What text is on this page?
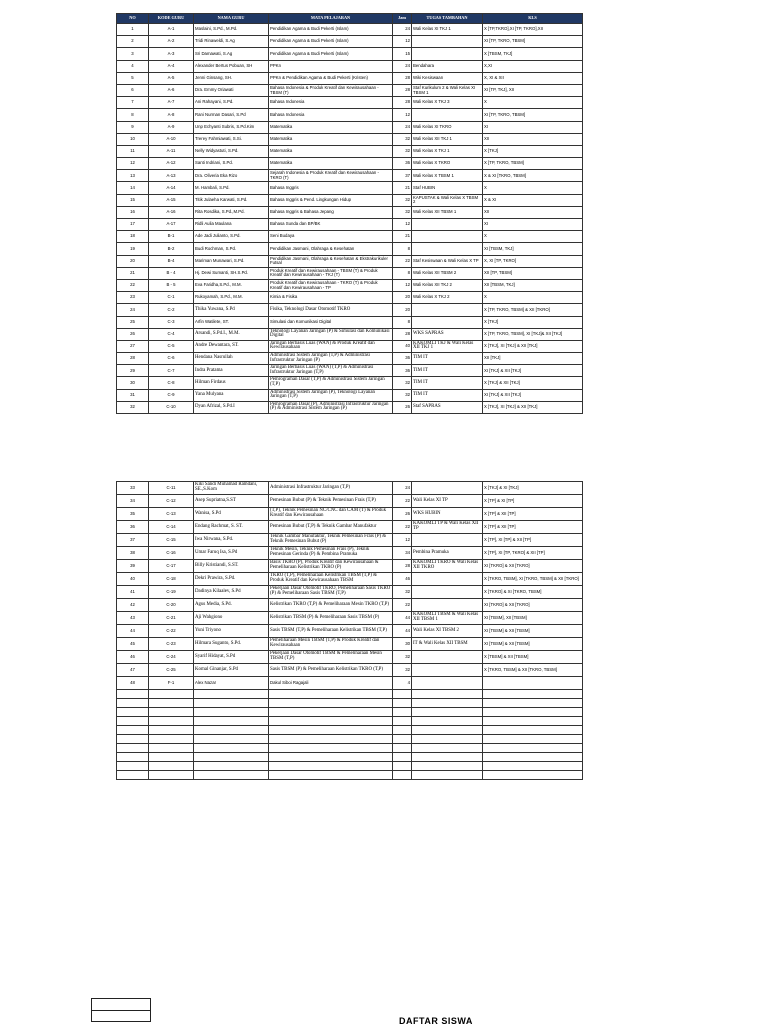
NO	KODE GURU	NAMA GURU	MATA PELAJARAN	Jam	TUGAS TAMBAHAN	KLS
1	A-1	Maslaini, S.Pd., M.Pd.	Pendidikan Agama & Budi Pekerti (Islam)	24	Wali Kelas XI TKJ 1	X [TP,TKRO],XI [TP, TKRO],XII
2	A-2	Tridi Rinaweldi, S.Ag	Pendidikan Agama & Budi Pekerti (Islam)	12		XI [TP, TKRO, TBSM]
3	A-3	Sri Damawati, S.Ag	Pendidikan Agama & Budi Pekerti (Islam)	15		X [TBSM, TKJ]
4	A-4	Alexander Bertus Pobuan, SH	PPKn	24	Bendahara	X,XI
5	A-5	Jenni Ginsang, SH.	PPKn & Pendidikan Agama & Budi Pekerti (Kristen)	28	Wiki Kesiswaan	X, XI & XII
6	A-6	Dra. Emmy Oriawati	Bahasa Indonesia & Produk Kreatif dan Kewirausahaan - TBSM (T)	28	Staf Kurikulum 2 & Wali Kelas XI TBSM 1	XI [TP, TKJ], XII
7	A-7	Ani Rahayani, S.Pd.	Bahasa Indonesia	28	Wali Kelas X TKJ 3	X
8	A-8	Rani Nurman Dasari, S.Pd	Bahasa Indonesia	12		XI [TP, TKRO, TBSM]
9	A-9	Unp Echyanti Subris, S.Pd.Kim	Matematika	24	Wali Kelas XI TKRO	XI
10	A-10	Trerey Fahmiawati, S.Si.	Matematika	32	Wali Kelas XII TKJ 1	XII
11	A-11	Nelly Widyastuti, S.Pd.	Matematika	32	Wali Kelas X TKJ 1	X [TKJ]
12	A-12	Santi Indriani, S.Pd.	Matematika	36	Wali Kelas X TKRO	X [TP, TKRO, TBSM]
13	A-13	Dra. Oliveria Eka Rizo	Sejarah Indonesia & Produk Kreatif dan Kewirausahaan - TKRO (T)	37	Wali Kelas X TBSM 1	X & XI [TKRO, TBSM]
14	A-14	M. Hambali, S.Pd.	Bahasa Inggris	21	Staf HUBIN	X
15	A-15	Titik Julaeha Karwati, S.Pd.	Bahasa Inggris & Pend. Lingkungan Hidup	32	KAPUSTAK & Wali Kelas X TBSM 2	X & XI
16	A-16	Rita Rosdika, S.Pd.,M.Pd.	Bahasa Inggris & Bahasa Jepang	32	Wali Kelas XII TBSM 1	XII
17	A-17	Ridli Aulia Maulana	Bahasa Sunda dan BP/BK	12		XI
18	B-1	Ade Jadi Julianto, S.Pd.	Seni Budaya	21		X
19	B-2	Budi Rochman, S.Pd.	Pendidikan Jasmani, Olahraga & Kesehatan	8		XI [TBSM, TKJ]
20	B-4	Mariman Munawari, S.Pd.	Pendidikan Jasmani, Olahraga & Kesehatan & Ekstrakurikuler Futsal	22	Staf Kesiswaan & Wali Kelas X TP	X, XI [TP, TKRO]
21	B - 4	Hj. Dewi Sumanti, SH.S.Pd.	Produk Kreatif dan Kewirausahaan - TBSM (T) & Produk Kreatif dan Kewirausahaan - TKJ (T)	8	Wali Kelas XII TBSM 2	XII [TP, TBSM]
22	B - 5	Eva Faridha,S.Pd., M.M.	Produk Kreatif dan Kewirausahaan - TKRO (T) & Produk Kreatif dan Kewirausahaan - TP	12	Wali Kelas XII TKJ 2	XII [TBSM, TKJ]
23	C-1	Rukoyamah, S.Pd., M.M.	Kimia & Fisika	20	Wali Kelas X TKJ 2	X
24	C-2	Thika Yuwana, S.Pd	Fisika, Teknologi Dasar Otomotif TKRO	20		X [TP, TKRO, TBSM] & XII [TKRO]
25	C-3	Arfin Watilete, ST.	Simulasi dan Komunikasi Digital	8		X [TKJ]
26	C-4	Arsandi, S.Pd.I., M.M.	Teknologi Layanan Jaringan (P) & Simulasi dan Komunikasi Digital	28	WKS SAPRAS	X [TP, TKRO, TBSM], XI [TKJ]& XII [TKJ]
27	C-5	Andre Dewantara, ST.	Jaringan Berbasis Luas (WAN) & Produk Kreatif dan Kewirausahaan	40	KAKOMLI TKJ & Wali Kelas XII TKJ 1	X [TKJ], XI [TKJ] & XII [TKJ]
28	C-6	Hendana Nasrullah	Administrasi Sistem Jaringan (T,P) & Administrasi Infrastruktur Jaringan (P)	36	TIM IT	XII [TKJ]
29	C-7	Indra Pratama	Jaringan Berbasis Luas (WAN) (T,P) & Administrasi Infrastruktur Jaringan (T,P)	36	TIM IT	XI [TKJ] & XII [TKJ]
30	C-8	Hilman Firdaus	Pemrograman Dasar (T,P) & Administrasi Sistem Jaringan (T,P)	32	TIM IT	X [TKJ] & XII [TKJ]
31	C-9	Yana Mulyana	Administrasi Sistem Jaringan (P), Teknologi Layanan Jaringan (T,P)	32	TIM IT	XI [TKJ] & XII [TKJ]
32	C-10	Dyan Afrizal, S.Pd.I	Pemrograman Dasar (P), Administrasi Infrastruktur Jaringan (P) & Administrasi Sistem Jaringan (P)	26	Staf SAPRAS	X [TKJ], XI [TKJ] & XII [TKJ]
33	C-11	Kiki Sandi Muhamad Ramdani, SE.,S.Kom	Administrasi Infrastruktur Jaringan (T,P)	24		X [TKJ] & XI [TKJ]
34	C-12	Asep Supriatna,S.ST	Pemesinan Bubut (P) & Teknik Pemesinan Frais (T,P)	22	Wali Kelas XI TP	X [TP] & XI [TP]
35	C-13	Wanisa, S.Pd	(T,P), Teknik Pemesinan NC/CNC dan CAM (T) & Produk Kreatif dan Kewirausahaan	26	WKS HUBIN	X [TP] & XII [TP]
36	C-14	Endang Rachmat, S. ST.	Pemesinan Bubut (T,P) & Teknik Gambar Manufaktur	22	KAKOMLI TP & Wali Kelas XII TP	X [TP] & XII [TP]
37	C-15	Iwa Nirwana, S.Pd.	Teknik Gambar Manufaktur, Teknik Pemesinan Frais (P) & Teknik Pemesinan Bubut (P)	12		X [TP], XI [TP] & XII [TP]
38	C-16	Umar Faruq Isa, S.Pd	Teknik Mesin, Teknik Pemesinan Frais (P), Teknik Pemesinan Gerinda (P) & Pembina Pramuka	34	Pembina Pramuka	X [TP], XI [TP, TKRO] & XII [TP]
39	C-17	Billy Kristiandi, S.ST.	Basis TKRO (P), Produk Kreatif dan Kewirausahaan & Pemeliharaan Kelistrikan TKRO (P)	28	KAKOMLI TKRO & Wali Kelas XII TKRO	XI [TKRO] & XII [TKRO]
40	C-18	Dekri Prawira, S.Pd.	TKRO (T,P), Pemeliharaan Kelistrikan TBSM (T,P) & Produk Kreatif dan Kewirausahaan TBSM	46		X [TKRO, TBSM], XI [TKRO, TBSM] & XII [TKRO]
41	C-19	Dadinya Kilaalev, S.Pd	Pekerjaan Dasar Otomotif TKRO, Pemeliharaan Sasis TKRO (P) & Pemeliharaan Sasis TBSM (T,P)	32		X [TKRO] & XI [TKRO, TBSM]
42	C-20	Agus Media, S.Pd.	Kelistrikan TKRO (T,P) & Pemeliharaan Mesin TKRO (T,P)	22		XI [TKRO] & XII [TKRO]
43	C-21	Aji Wahgiono	Kelistrikan TBSM (P) & Pemeliharaan Sasis TBSM (P)	44	KAKOMLI TBSM & Wali Kelas XII TBSM 1	XI [TBSM], XII [TBSM]
44	C-22	Yuni Triyono	Sasis TBSM (T,P) & Pemeliharaan Kelistrikan TBSM (T,P)	44	Wali Kelas XI TBSM 2	XI [TBSM] & XII [TBSM]
45	C-23	Hilmara Suganto, S.Pd.	Pemeliharaan Mesin TBSM (T,P) & Produk Kreatif dan Kewirausahaan	30	IT & Wali Kelas XII TBSM	XI [TBSM] & XII [TBSM]
46	C-24	Syarif Hidayat, S.Pd	Pekerjaan Dasar Otomotif TBSM & Pemeliharaan Mesin TBSM (T,P)	32		X [TBSM] & XII [TBSM]
47	C-25	Komal Ginanjar, S.Pd	Sasis TBSM (P) & Pemeliharaan Kelistrikan TKRO (T,P)	32		X [TKRO, TBSM] & XII [TKRO, TBSM]
48	F-1	Alex Nazar	Dakul Siboi Ragajali	4		

DAFTAR SISWA
